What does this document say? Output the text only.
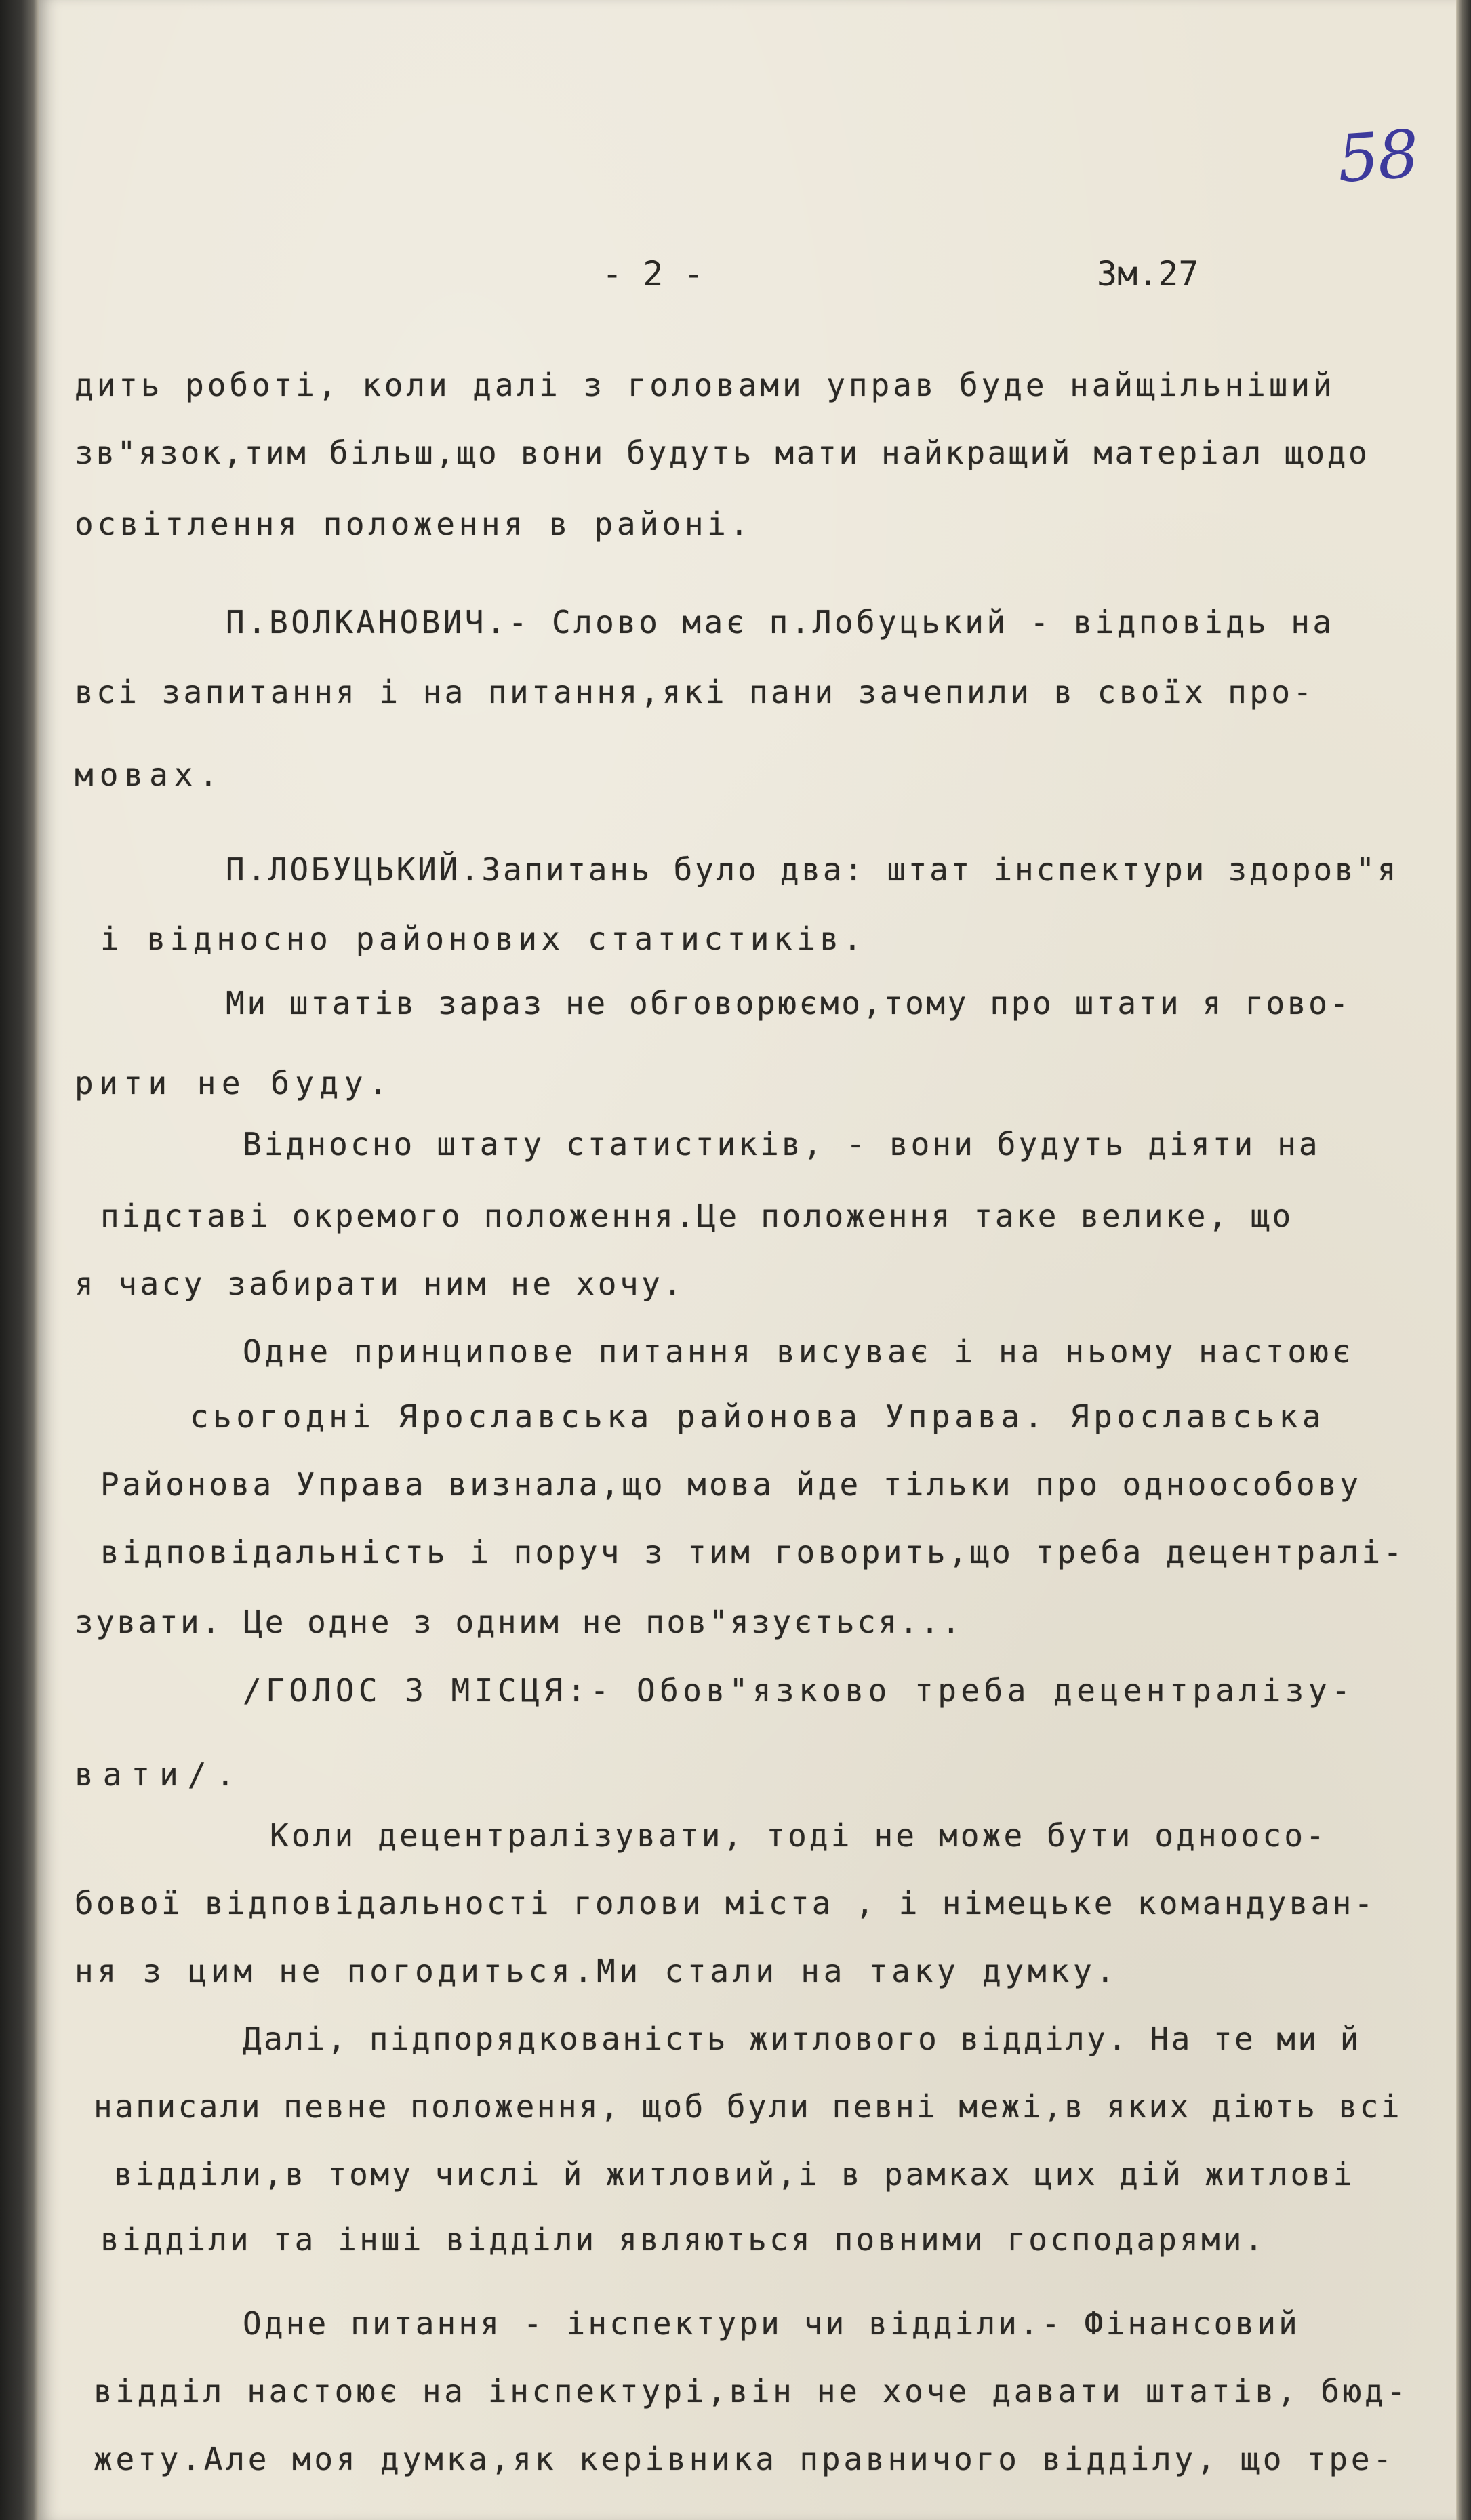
58
- 2 -	Зм.27
дить роботі, коли далі з головами управ буде найщільніший
зв"язок,тим більш,що вони будуть мати найкращий матеріал щодо
освітлення положення в районі.
П.ВОЛКАНОВИЧ.- Слово має п.Лобуцький - відповідь на
всі запитання і на питання,які пани зачепили в своїх про-
мовах.
П.ЛОБУЦЬКИЙ.Запитань було два: штат інспектури здоров"я
і відносно районових статистиків.
Ми штатів зараз не обговорюємо,тому про штати я гово-
рити не буду.
Відносно штату статистиків, - вони будуть діяти на
підставі окремого положення.Це положення таке велике, що
я часу забирати ним не хочу.
Одне принципове питання висуває і на ньому настоює
сьогодні Ярославська районова Управа. Ярославська
Районова Управа визнала,що мова йде тільки про одноособову
відповідальність і поруч з тим говорить,що треба децентралі-
зувати. Це одне з одним не пов"язується...
/ГОЛОС З МІСЦЯ:- Обов"язково треба децентралізу-
вати/.
Коли децентралізувати, тоді не може бути одноосо-
бової відповідальності голови міста , і німецьке командуван-
ня з цим не погодиться.Ми стали на таку думку.
Далі, підпорядкованість житлового відділу. На те ми й
написали певне положення, щоб були певні межі,в яких діють всі
відділи,в тому числі й житловий,і в рамках цих дій житлові
відділи та інші відділи являються повними господарями.
Одне питання - інспектури чи відділи.- Фінансовий
відділ настоює на інспектурі,він не хоче давати штатів, бюд-
жету.Але моя думка,як керівника правничого відділу, що тре-
